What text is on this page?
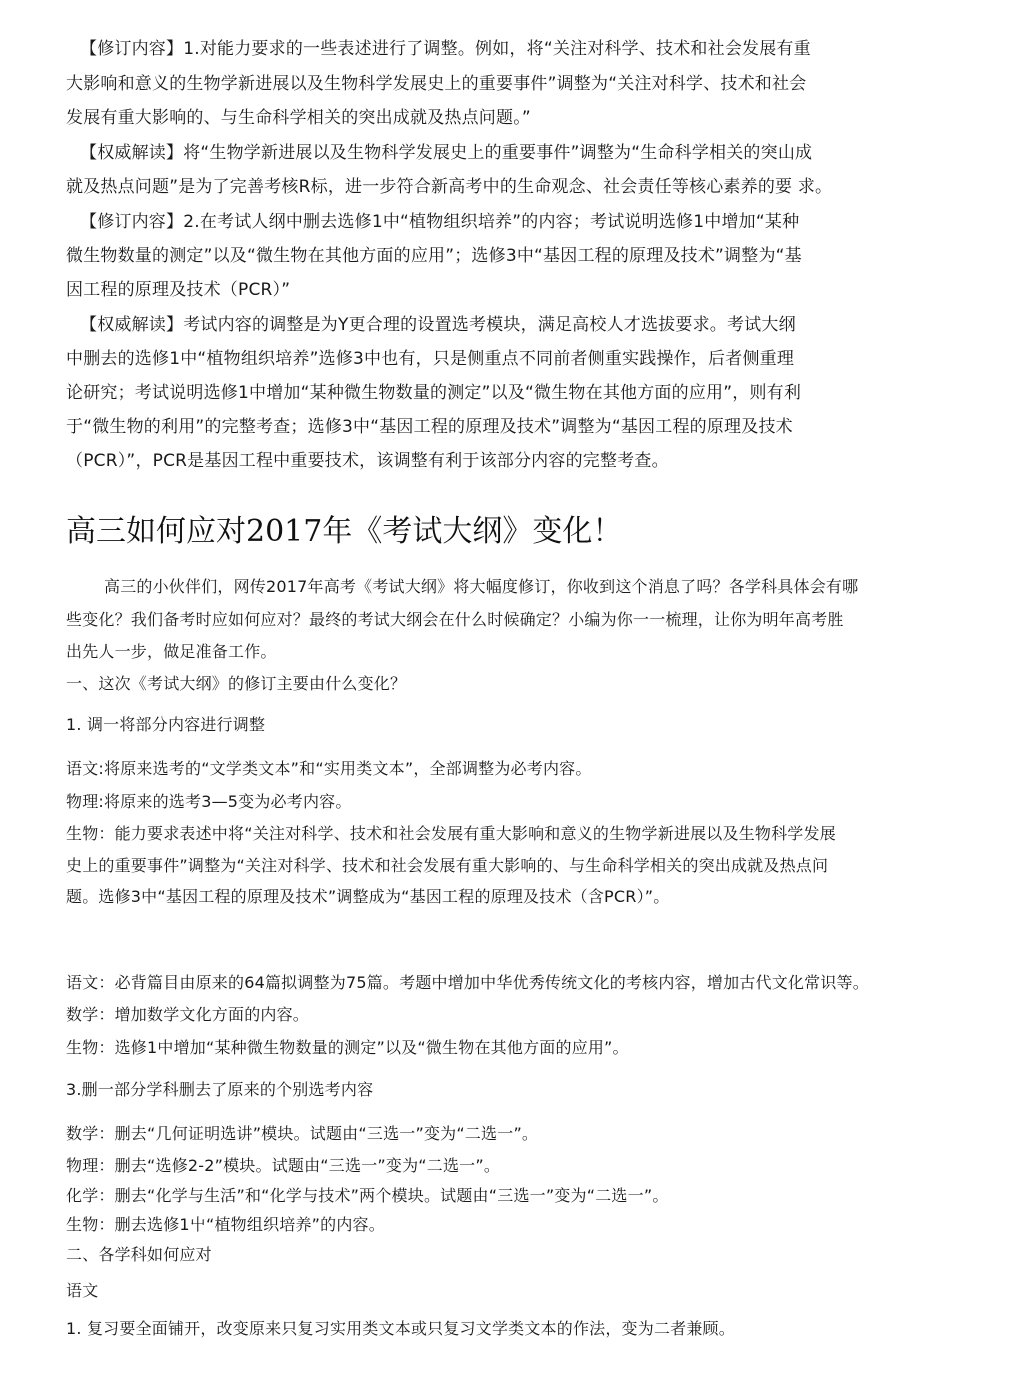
【修订内容】1.对能力要求的一些表述进行了调整。例如，将“关注对科学、技术和社会发展有重
大影响和意义的生物学新进展以及生物科学发展史上的重要事件”调整为“关注对科学、技术和社会
发展有重大影响的、与生命科学相关的突出成就及热点问题。”
【权威解读】将“生物学新进展以及生物科学发展史上的重要事件”调整为“生命科学相关的突山成
就及热点问题”是为了完善考核R标，进一步符合新高考中的生命观念、社会责任等核心素养的要 求。
【修订内容】2.在考试人纲中删去选修1中“植物组织培养”的内容；考试说明选修1中增加“某种
微生物数量的测定”以及“微生物在其他方面的应用”；选修3中“基因工程的原理及技术”调整为“基
因工程的原理及技术（PCR）”
【权威解读】考试内容的调整是为Y更合理的设置选考模块，满足高校人才选拔要求。考试大纲
中删去的选修1中“植物组织培养”选修3中也有，只是侧重点不同前者侧重实践操作，后者侧重理
论研究；考试说明选修1中增加“某种微生物数量的测定”以及“微生物在其他方面的应用”，则有利
于“微生物的利用”的完整考查；选修3中“基因工程的原理及技术”调整为“基因工程的原理及技术
（PCR）”，PCR是基因工程中重要技术，该调整有利于该部分内容的完整考查。
高三如何应对2017年《考试大纲》变化！
高三的小伙伴们，网传2017年高考《考试大纲》将大幅度修订，你收到这个消息了吗？各学科具体会有哪
些变化？我们备考时应如何应对？最终的考试大纲会在什么时候确定？小编为你一一梳理，让你为明年高考胜
出先人一步，做足准备工作。
一、这次《考试大纲》的修订主要由什么变化？
1. 调一将部分内容进行调整
语文:将原来选考的“文学类文本”和“实用类文本”，全部调整为必考内容。
物理:将原来的选考3—5变为必考内容。
生物：能力要求表述中将“关注对科学、技术和社会发展有重大影响和意义的生物学新进展以及生物科学发展
史上的重要事件”调整为“关注对科学、技术和社会发展有重大影响的、与生命科学相关的突出成就及热点问
题。选修3中“基因工程的原理及技术”调整成为“基因工程的原理及技术（含PCR）”。
语文：必背篇目由原来的64篇拟调整为75篇。考题中增加中华优秀传统文化的考核内容，增加古代文化常识等。
数学：增加数学文化方面的内容。
生物：选修1中增加“某种微生物数量的测定”以及“微生物在其他方面的应用”。
3.删一部分学科删去了原来的个别选考内容
数学：删去“几何证明选讲”模块。试题由“三选一”变为“二选一”。
物理：删去“选修2-2”模块。试题由“三选一”变为“二选一”。
化学：删去“化学与生活”和“化学与技术”两个模块。试题由“三选一”变为“二选一”。
生物：删去选修1屮“植物组织培养”的内容。
二、各学科如何应对
语文
1. 复习要全面铺开，改变原来只复习实用类文本或只复习文学类文本的作法，变为二者兼顾。
